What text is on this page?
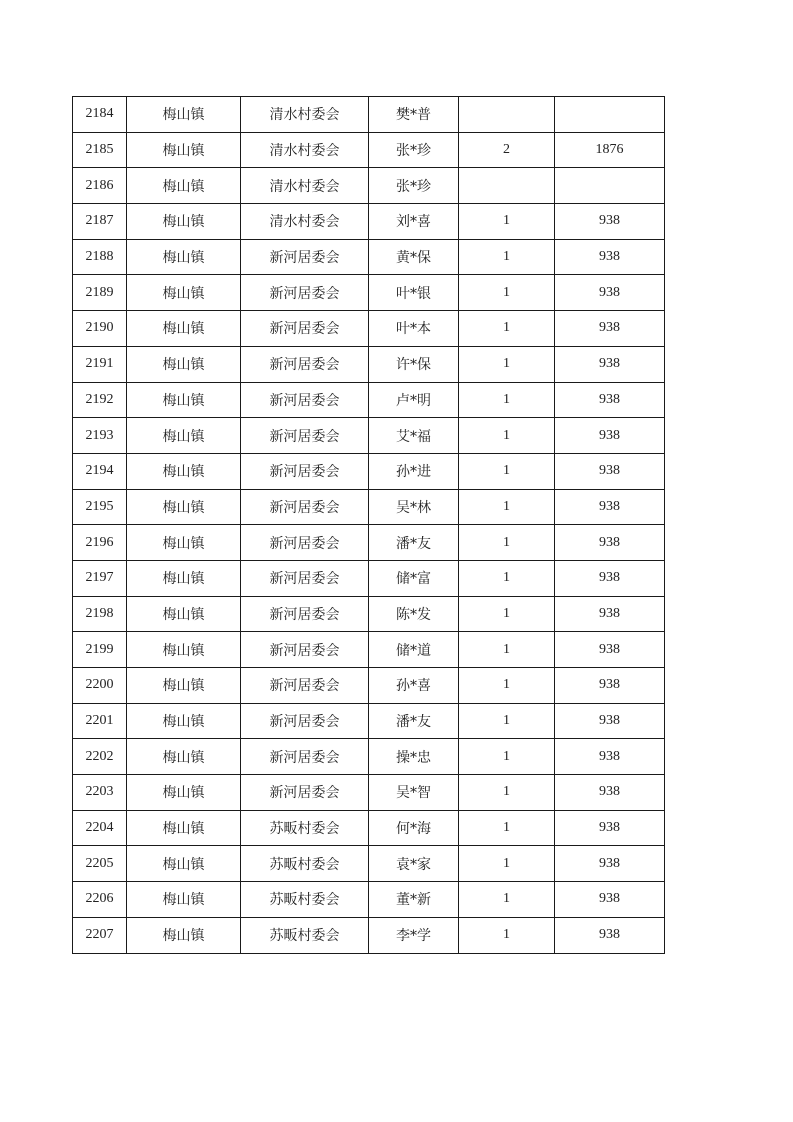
2184	梅山镇	清水村委会	樊*普		
2185	梅山镇	清水村委会	张*珍	2	1876
2186	梅山镇	清水村委会	张*珍		
2187	梅山镇	清水村委会	刘*喜	1	938
2188	梅山镇	新河居委会	黄*保	1	938
2189	梅山镇	新河居委会	叶*银	1	938
2190	梅山镇	新河居委会	叶*本	1	938
2191	梅山镇	新河居委会	许*保	1	938
2192	梅山镇	新河居委会	卢*明	1	938
2193	梅山镇	新河居委会	艾*福	1	938
2194	梅山镇	新河居委会	孙*进	1	938
2195	梅山镇	新河居委会	吴*林	1	938
2196	梅山镇	新河居委会	潘*友	1	938
2197	梅山镇	新河居委会	储*富	1	938
2198	梅山镇	新河居委会	陈*发	1	938
2199	梅山镇	新河居委会	储*道	1	938
2200	梅山镇	新河居委会	孙*喜	1	938
2201	梅山镇	新河居委会	潘*友	1	938
2202	梅山镇	新河居委会	操*忠	1	938
2203	梅山镇	新河居委会	吴*智	1	938
2204	梅山镇	苏畈村委会	何*海	1	938
2205	梅山镇	苏畈村委会	袁*家	1	938
2206	梅山镇	苏畈村委会	董*新	1	938
2207	梅山镇	苏畈村委会	李*学	1	938
